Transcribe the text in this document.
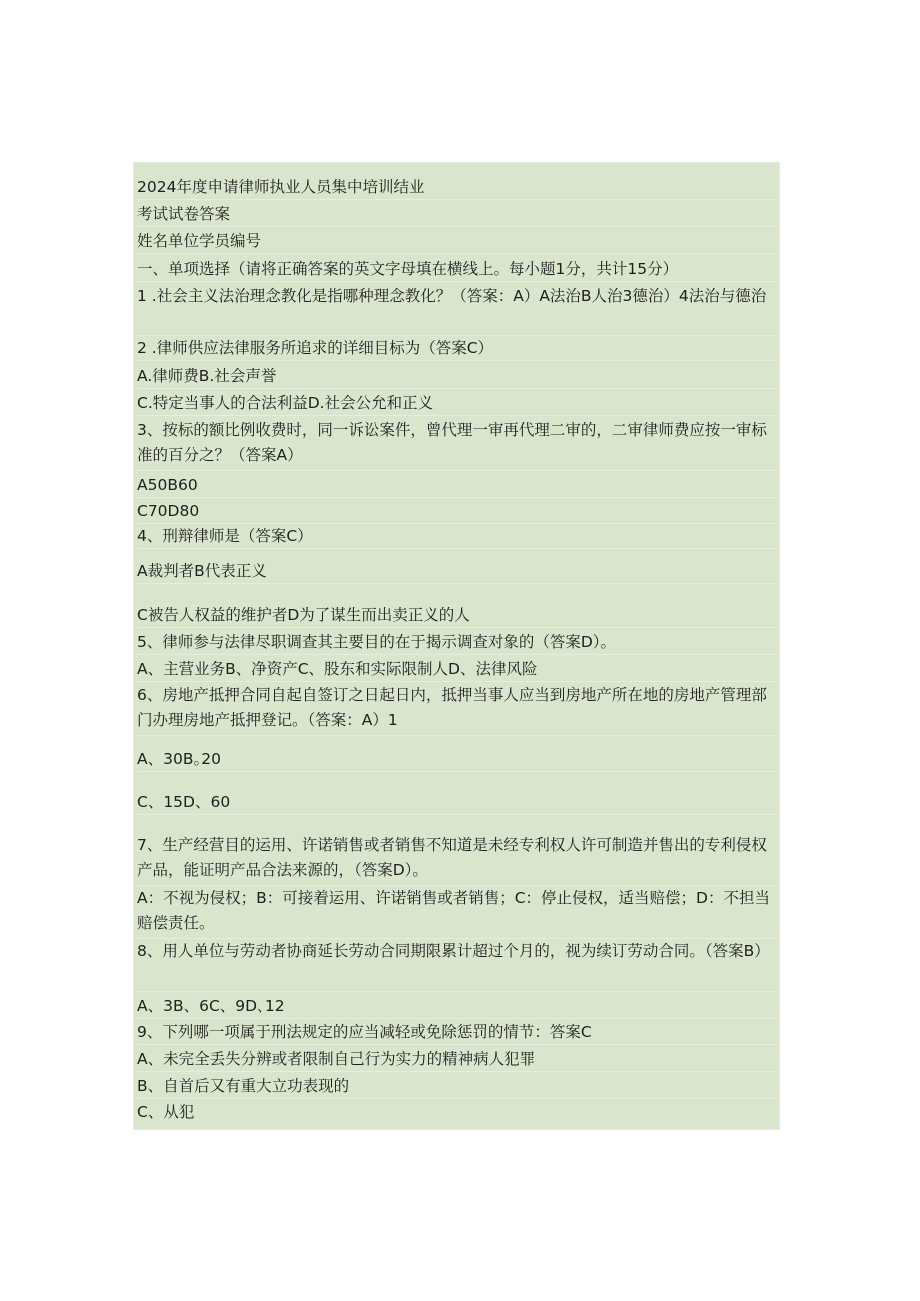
2024年度申请律师执业人员集中培训结业
考试试卷答案
姓名单位学员编号
一、单项选择（请将正确答案的英文字母填在横线上。每小题1分，共计15分）
1 .社会主义法治理念教化是指哪种理念教化？（答案：A）A法治B人治3德治）4法治与德治
2 .律师供应法律服务所追求的详细目标为（答案C）
A.律师费B.社会声誉
C.特定当事人的合法利益D.社会公允和正义
3、按标的额比例收费时，同一诉讼案件，曾代理一审再代理二审的，二审律师费应按一审标准的百分之？（答案A）
A50B60
C70D80
4、刑辩律师是（答案C）
A裁判者B代表正义
C被告人权益的维护者D为了谋生而出卖正义的人
5、律师参与法律尽职调查其主要目的在于揭示调查对象的（答案D）。
A、主营业务B、净资产C、股东和实际限制人D、法律风险
6、房地产抵押合同自起自签订之日起日内，抵押当事人应当到房地产所在地的房地产管理部门办理房地产抵押登记。（答案：A）1
A、30B｡20
C、15D、60
7、生产经营目的运用、许诺销售或者销售不知道是未经专利权人许可制造并售出的专利侵权产品，能证明产品合法来源的，（答案D）。
A：不视为侵权；B：可接着运用、许诺销售或者销售；C：停止侵权，适当赔偿；D：不担当赔偿责任。
8、用人单位与劳动者协商延长劳动合同期限累计超过个月的，视为续订劳动合同。（答案B）
A、3B、6C、9D､12
9、下列哪一项属于刑法规定的应当减轻或免除惩罚的情节：答案C
A、未完全丢失分辨或者限制自己行为实力的精神病人犯罪
B、自首后又有重大立功表现的
C、从犯
